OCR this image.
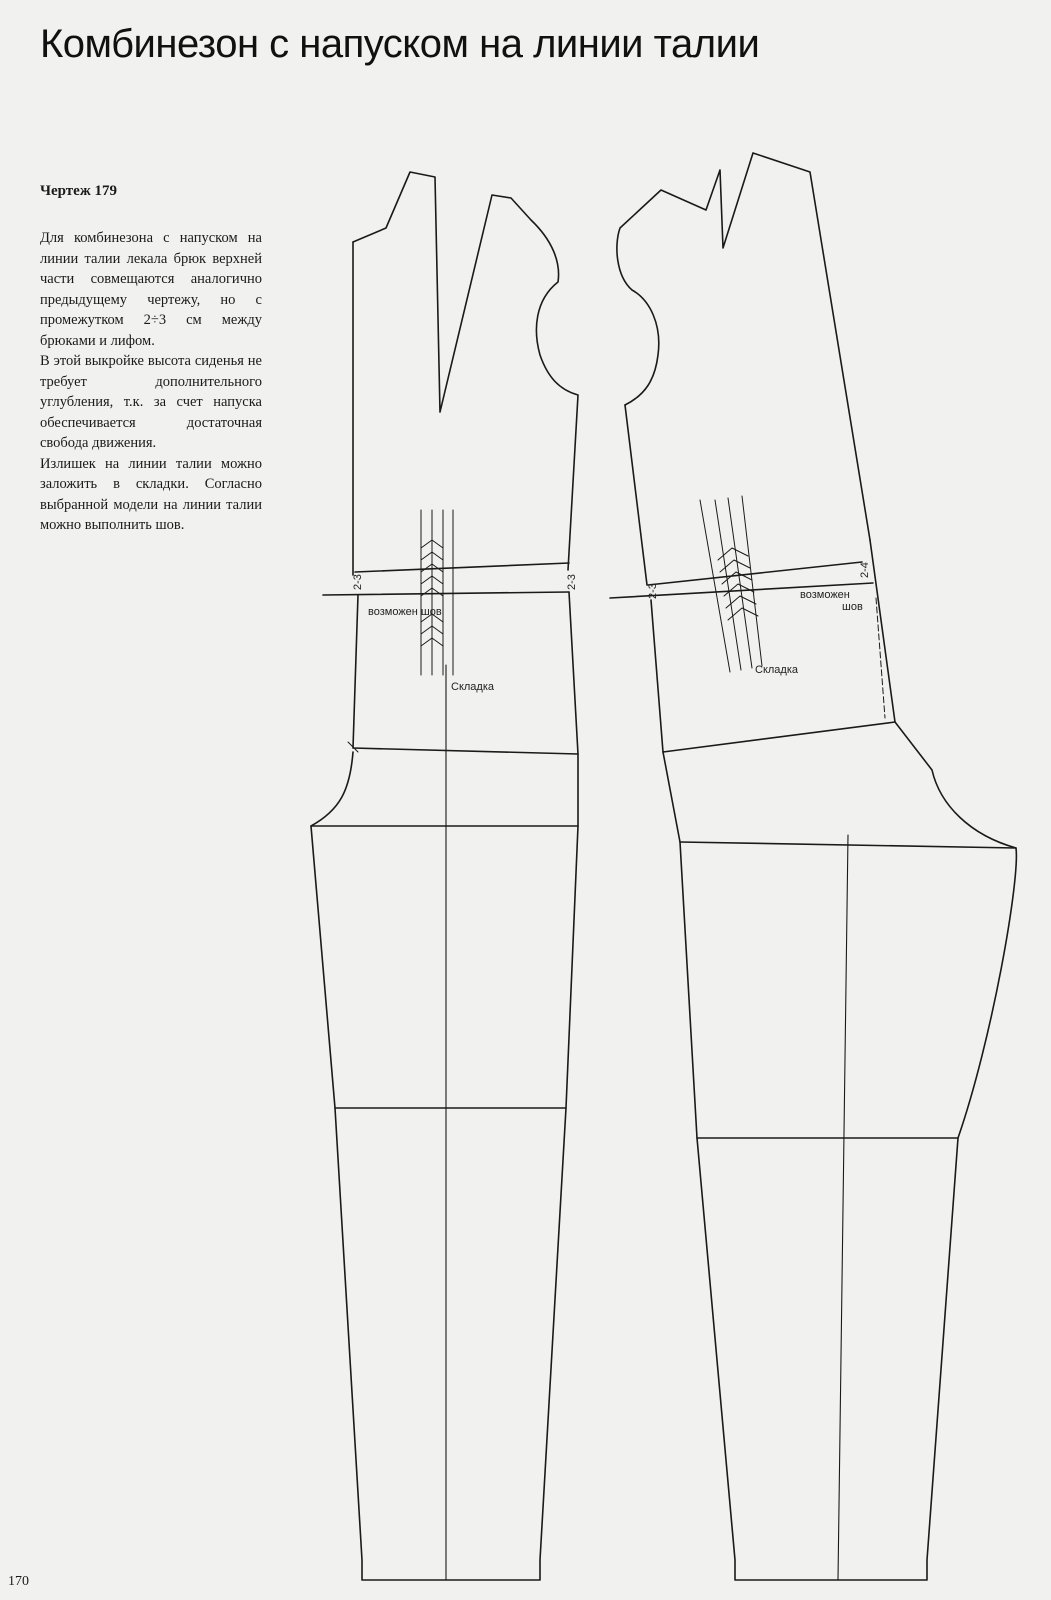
Комбинезон с напуском на линии талии
Чертеж 179

Для комбинезона с напуском на линии талии лекала брюк верхней части совмещаются аналогично предыдущему чертежу, но с промежутком 2÷3 см между брюками и лифом.

В этой выкройке высота сиденья не требует дополнительного углубления, т.к. за счет напуска обеспечивается достаточная свобода движения.

Излишек на линии талии можно заложить в складки. Согласно выбранной модели на линии талии можно выполнить шов.

170
2-3	2-3
возможен шов
Складка
2-3
2-4
возможен
шов
Складка
